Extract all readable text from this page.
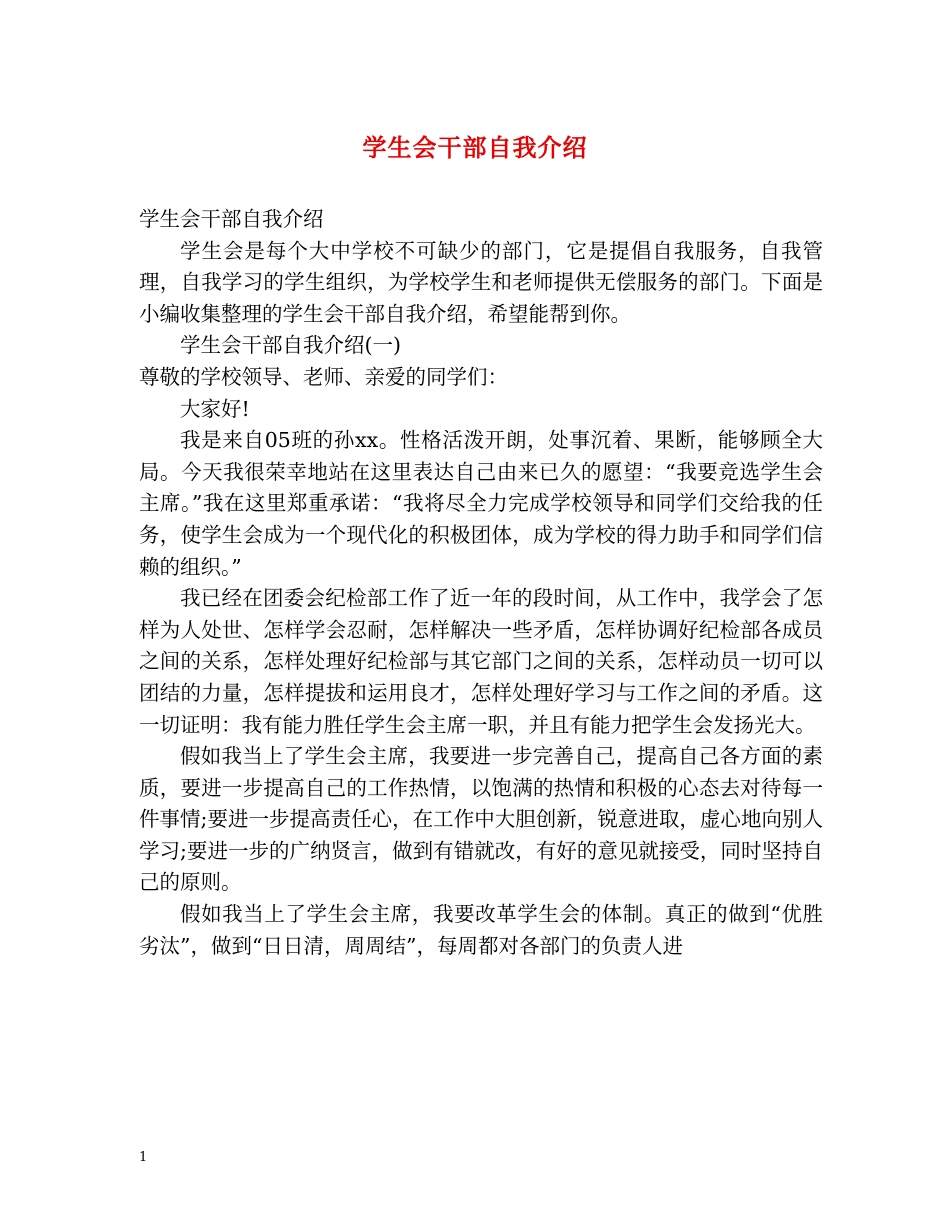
学生会干部自我介绍

学生会干部自我介绍

学生会是每个大中学校不可缺少的部门，它是提倡自我服务，自我管理，自我学习的学生组织，为学校学生和老师提供无偿服务的部门。下面是小编收集整理的学生会干部自我介绍，希望能帮到你。

学生会干部自我介绍(一)

尊敬的学校领导、老师、亲爱的同学们：

大家好!

我是来自05班的孙xx。性格活泼开朗，处事沉着、果断，能够顾全大局。今天我很荣幸地站在这里表达自己由来已久的愿望：“我要竞选学生会主席。”我在这里郑重承诺：“我将尽全力完成学校领导和同学们交给我的任务，使学生会成为一个现代化的积极团体，成为学校的得力助手和同学们信赖的组织。”

我已经在团委会纪检部工作了近一年的段时间，从工作中，我学会了怎样为人处世、怎样学会忍耐，怎样解决一些矛盾，怎样协调好纪检部各成员之间的关系，怎样处理好纪检部与其它部门之间的关系，怎样动员一切可以团结的力量，怎样提拔和运用良才，怎样处理好学习与工作之间的矛盾。这一切证明：我有能力胜任学生会主席一职，并且有能力把学生会发扬光大。

假如我当上了学生会主席，我要进一步完善自己，提高自己各方面的素质，要进一步提高自己的工作热情，以饱满的热情和积极的心态去对待每一件事情;要进一步提高责任心，在工作中大胆创新，锐意进取，虚心地向别人学习;要进一步的广纳贤言，做到有错就改，有好的意见就接受，同时坚持自己的原则。

假如我当上了学生会主席，我要改革学生会的体制。真正的做到“优胜劣汰”，做到“日日清，周周结”，每周都对各部门的负责人进

1
